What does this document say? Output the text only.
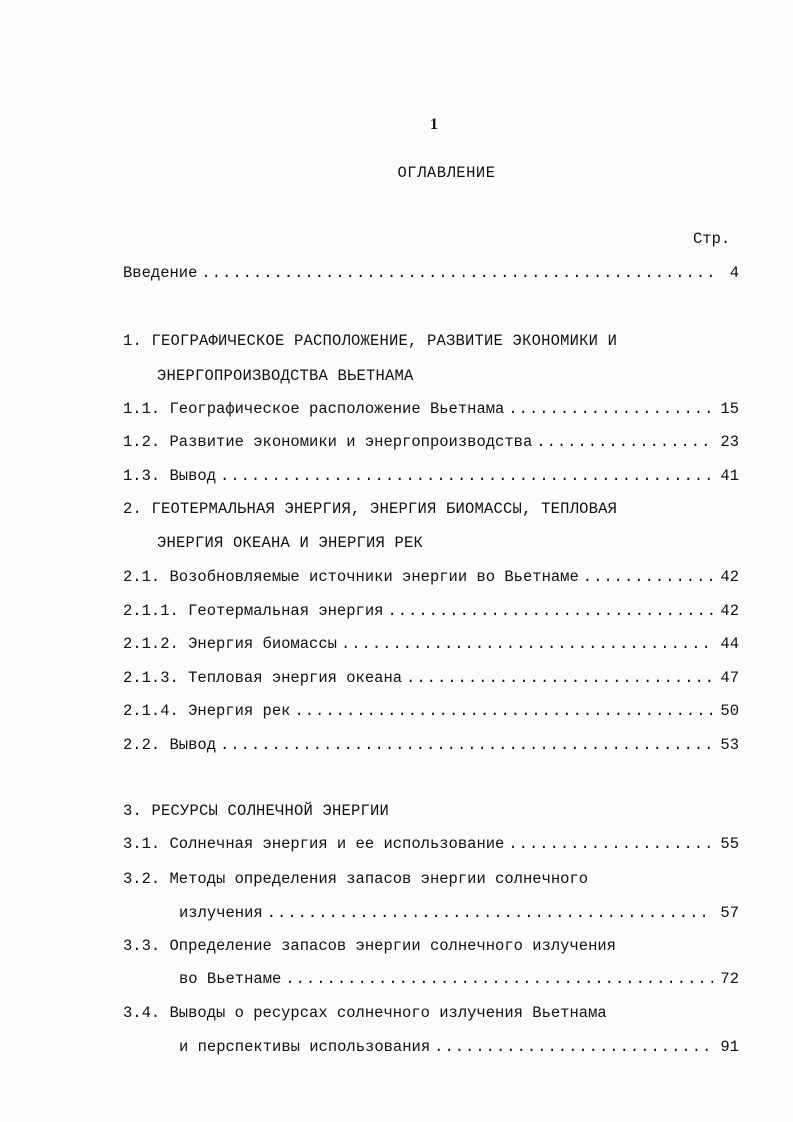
1
ОГЛАВЛЕНИЕ
Стр.
Введение .....	4
1. ГЕОГРАФИЧЕСКОЕ РАСПОЛОЖЕНИЕ, РАЗВИТИЕ ЭКОНОМИКИ И
ЭНЕРГОПРОИЗВОДСТВА ВЬЕТНАМА
1.1. Географическое расположение Вьетнама .....	15
1.2. Развитие экономики и энергопроизводства .....	23
1.3. Вывод .....	41
2. ГЕОТЕРМАЛЬНАЯ ЭНЕРГИЯ, ЭНЕРГИЯ БИОМАССЫ, ТЕПЛОВАЯ
ЭНЕРГИЯ ОКЕАНА И ЭНЕРГИЯ РЕК
2.1. Возобновляемые источники энергии во Вьетнаме .....	42
2.1.1. Геотермальная энергия .....	42
2.1.2. Энергия биомассы .....	44
2.1.3. Тепловая энергия океана .....	47
2.1.4. Энергия рек .....	50
2.2. Вывод .....	53
3. РЕСУРСЫ СОЛНЕЧНОЙ ЭНЕРГИИ
3.1. Солнечная энергия и ее использование .....	55
3.2. Методы определения запасов энергии солнечного
излучения .....	57
3.3. Определение запасов энергии солнечного излучения
во Вьетнаме .....	72
3.4. Выводы о ресурсах солнечного излучения Вьетнама
и перспективы использования .....	91
